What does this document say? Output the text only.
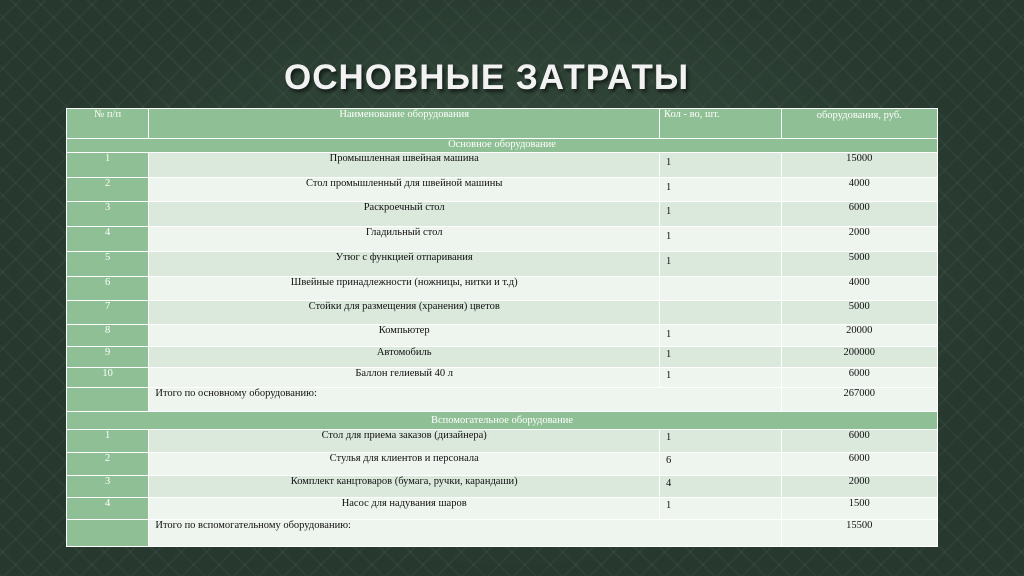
ОСНОВНЫЕ ЗАТРАТЫ
№ п/п	Наименование оборудования	Кол - во, шт.	оборудования, руб.

Основное оборудование			
1	Промышленная швейная машина	1	15000
2	Стол промышленный для швейной машины	1	4000
3	Раскроечный стол	1	6000
4	Гладильный стол	1	2000
5	Утюг с функцией отпаривания	1	5000
6	Швейные принадлежности (ножницы, нитки и т.д)		4000
7	Стойки для размещения (хранения) цветов		5000
8	Компьютер	1	20000
9	Автомобиль	1	200000
10	Баллон гелиевый 40 л	1	6000
	Итого по основному оборудованию:		267000
Вспомогательное оборудование			
1	Стол для приема заказов (дизайнера)	1	6000
2	Стулья для клиентов и персонала	6	6000
3	Комплект канцтоваров (бумага, ручки, карандаши)	4	2000
4	Насос для надувания шаров	1	1500
	Итого по вспомогательному оборудованию:		15500
